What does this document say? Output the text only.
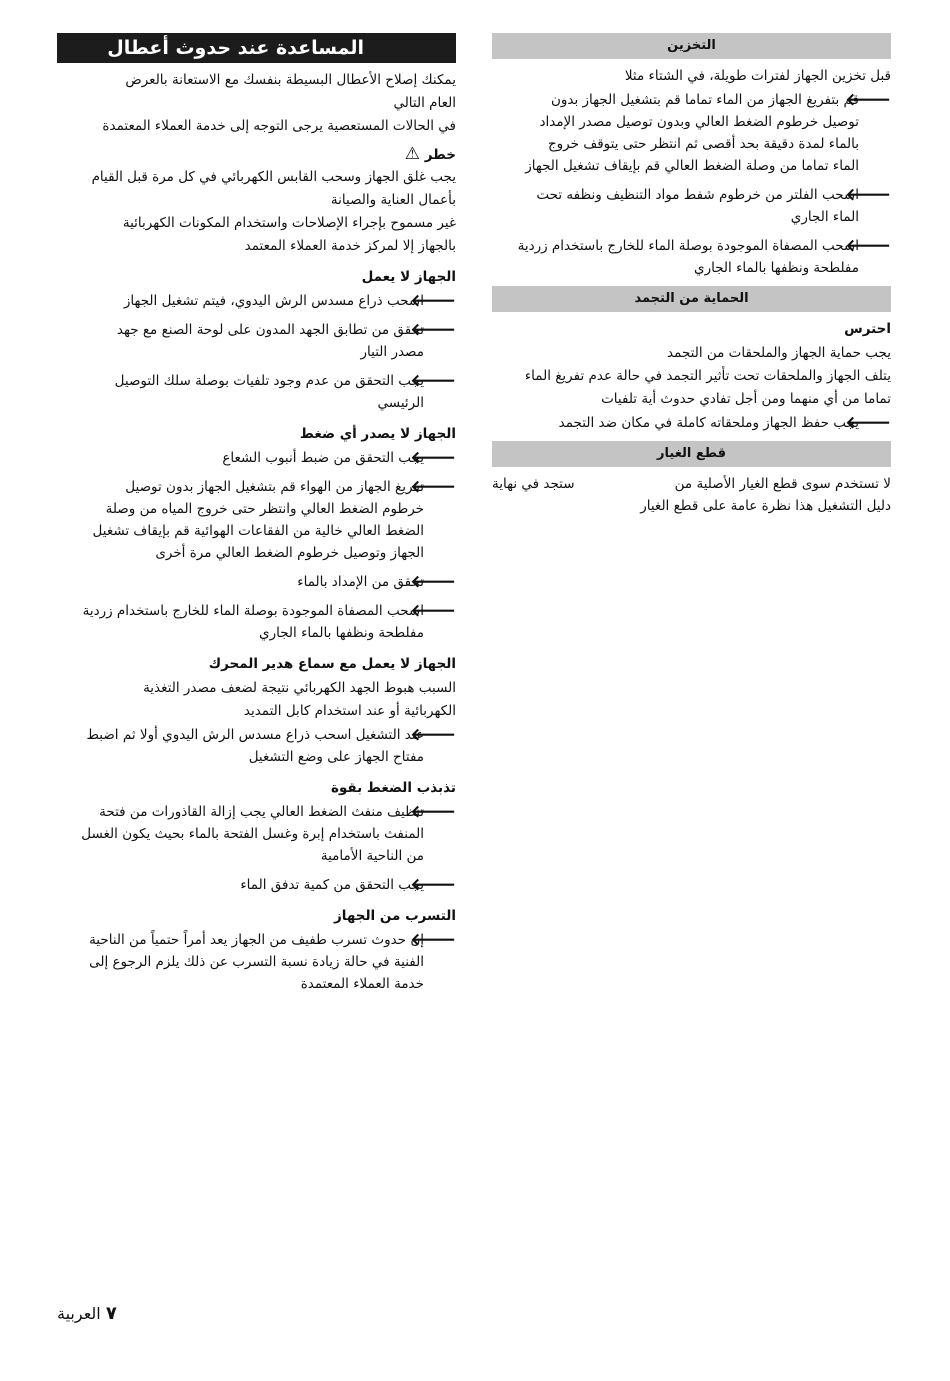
المساعدة عند حدوث أعطال

يمكنك إصلاح الأعطال البسيطة بنفسك مع الاستعانة بالعرض

العام التالي

في الحالات المستعصية يرجى التوجه إلى خدمة العملاء المعتمدة

خطر ⚠

يجب غلق الجهاز وسحب القابس الكهربائي في كل مرة قبل القيام

بأعمال العناية والصيانة

غير مسموح بإجراء الإصلاحات واستخدام المكونات الكهربائية

بالجهاز إلا لمركز خدمة العملاء المعتمد

الجهاز لا يعمل

🡐
اسحب ذراع مسدس الرش اليدوي، فيتم تشغيل الجهاز
🡐
تحقق من تطابق الجهد المدون على لوحة الصنع مع جهد
مصدر التيار
🡐
يجب التحقق من عدم وجود تلفيات بوصلة سلك التوصيل
الرئيسي

الجهاز لا يصدر أي ضغط

🡐
يجب التحقق من ضبط أنبوب الشعاع
🡐
تفريغ الجهاز من الهواء قم بتشغيل الجهاز بدون توصيل
خرطوم الضغط العالي وانتظر حتى خروج المياه من وصلة
الضغط العالي خالية من الفقاعات الهوائية قم بإيقاف تشغيل
الجهاز وتوصيل خرطوم الضغط العالي مرة أخرى
🡐
تحقق من الإمداد بالماء
🡐
اسحب المصفاة الموجودة بوصلة الماء للخارج باستخدام زردية
مفلطحة ونظفها بالماء الجاري

الجهاز لا يعمل مع سماع هدير المحرك

السبب هبوط الجهد الكهربائي نتيجة لضعف مصدر التغذية

الكهربائية أو عند استخدام كابل التمديد

🡐
عند التشغيل اسحب ذراع مسدس الرش اليدوي أولا ثم اضبط
مفتاح الجهاز على وضع التشغيل

تذبذب الضغط بقوة

🡐
تنظيف منفث الضغط العالي يجب إزالة القاذورات من فتحة
المنفث باستخدام إبرة وغسل الفتحة بالماء بحيث يكون الغسل
من الناحية الأمامية
🡐
يجب التحقق من كمية تدفق الماء

التسرب من الجهاز

🡐
إن حدوث تسرب طفيف من الجهاز يعد أمراً حتمياً من الناحية
الفنية في حالة زيادة نسبة التسرب عن ذلك يلزم الرجوع إلى
خدمة العملاء المعتمدة
التخزين

قبل تخزين الجهاز لفترات طويلة، في الشتاء مثلا

🡐
قم بتفريغ الجهاز من الماء تماما قم بتشغيل الجهاز بدون
توصيل خرطوم الضغط العالي وبدون توصيل مصدر الإمداد
بالماء لمدة دقيقة بحد أقصى ثم انتظر حتى يتوقف خروج
الماء تماما من وصلة الضغط العالي قم بإيقاف تشغيل الجهاز
🡐
اسحب الفلتر من خرطوم شفط مواد التنظيف ونظفه تحت
الماء الجاري
🡐
اسحب المصفاة الموجودة بوصلة الماء للخارج باستخدام زردية
مفلطحة ونظفها بالماء الجاري
الحماية من التجمد

احترس

يجب حماية الجهاز والملحقات من التجمد

يتلف الجهاز والملحقات تحت تأثير التجمد في حالة عدم تفريغ الماء

تماما من أي منهما ومن أجل تفادي حدوث أية تلفيات

🡐
يجب حفظ الجهاز وملحقاته كاملة في مكان ضد التجمد
قطع الغيار
لا تستخدم سوى قطع الغيار الأصلية من
ستجد في نهاية
دليل التشغيل هذا نظرة عامة على قطع الغيار
٧ العربية
